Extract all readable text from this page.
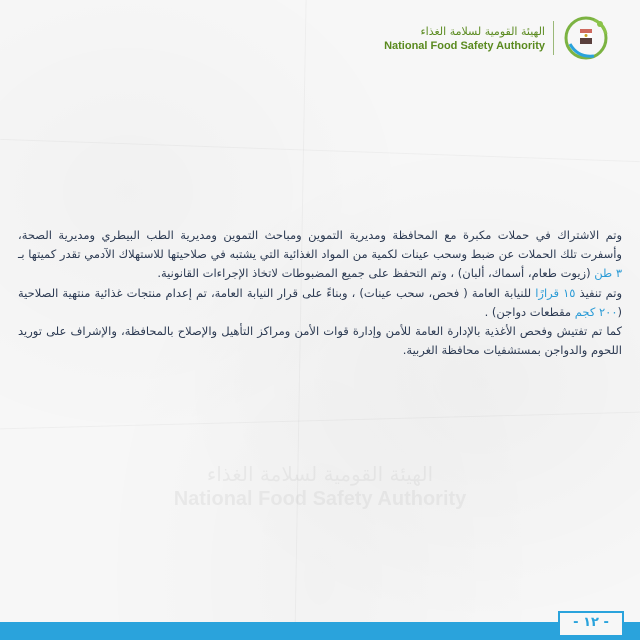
الهيئة القومية لسلامة الغذاء
National Food Safety Authority

وتم الاشتراك في حملات مكبرة مع المحافظة ومديرية التموين ومباحث التموين ومديرية الطب البيطري ومديرية الصحة، وأسفرت تلك الحملات عن ضبط وسحب عينات لكمية من المواد الغذائية التي يشتبه في صلاحيتها للاستهلاك الآدمي تقدر كميتها بـ ٣ طن (زيوت طعام، أسماك، ألبان) ، وتم التحفظ على جميع المضبوطات لاتخاذ الإجراءات القانونية.

وتم تنفيذ ١٥ قرارًا للنيابة العامة ( فحص، سحب عينات) ، وبناءً على قرار النيابة العامة، تم إعدام منتجات غذائية منتهية الصلاحية (٢٠٠ كجم مقطعات دواجن) .

كما تم تفتيش وفحص الأغذية بالإدارة العامة للأمن وإدارة قوات الأمن ومراكز التأهيل والإصلاح بالمحافظة، والإشراف على توريد اللحوم والدواجن بمستشفيات محافظة الغربية.

الهيئة القومية لسلامة الغذاء
National Food Safety Authority
- ١٢ -
